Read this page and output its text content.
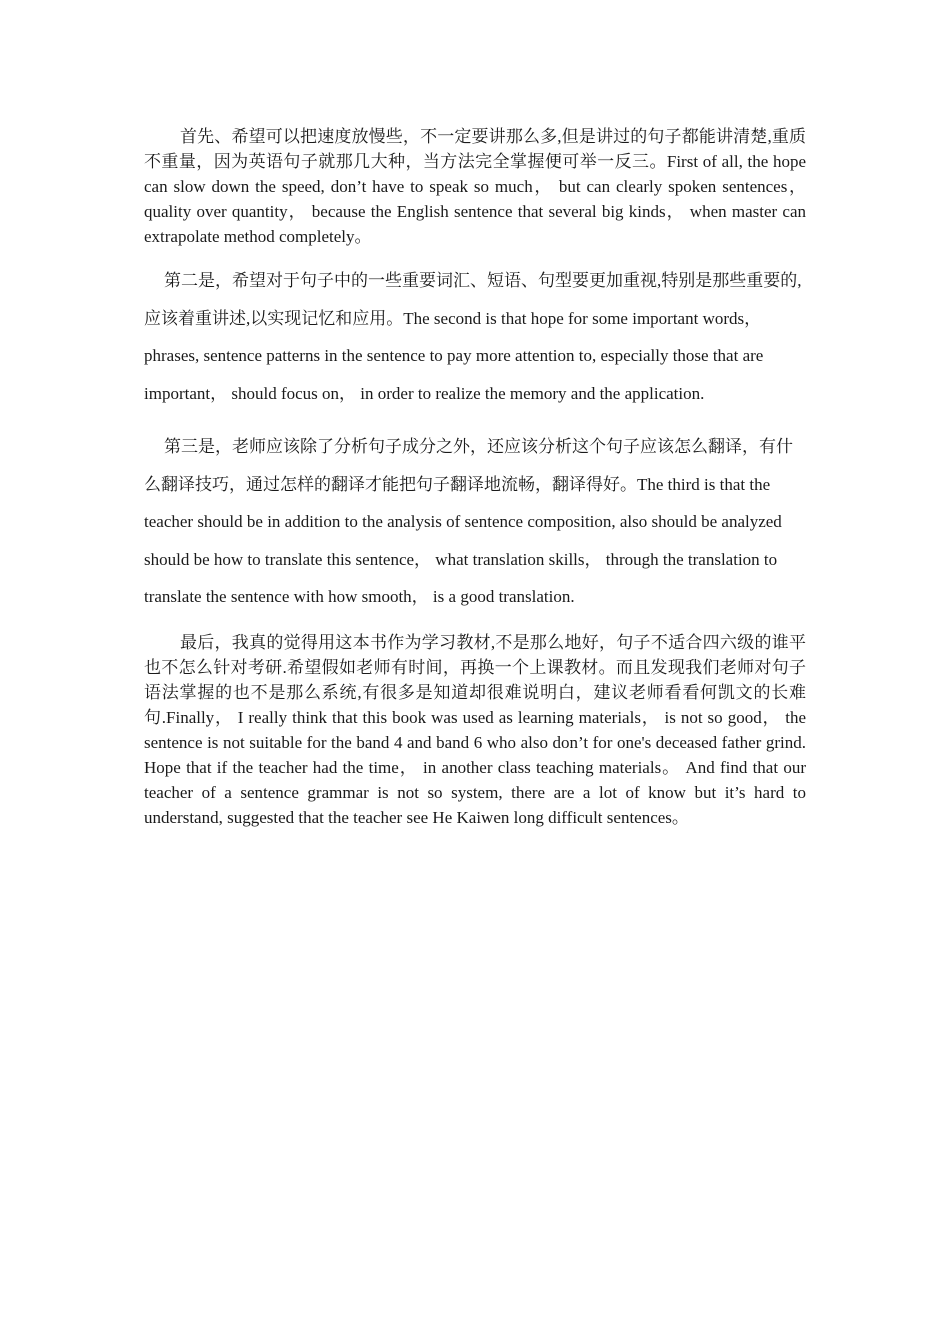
首先、希望可以把速度放慢些，不一定要讲那么多,但是讲过的句子都能讲清楚,重质不重量，因为英语句子就那几大种，当方法完全掌握便可举一反三。First of all, the hope can slow down the speed, don’t have to speak so much， but can clearly spoken sentences， quality over quantity， because the English sentence that several big kinds， when master can extrapolate method completely。

第二是，希望对于句子中的一些重要词汇、短语、句型要更加重视,特别是那些重要的,应该着重讲述,以实现记忆和应用。The second is that hope for some important words， phrases, sentence patterns in the sentence to pay more attention to, especially those that are important， should focus on， in order to realize the memory and the application.

第三是，老师应该除了分析句子成分之外，还应该分析这个句子应该怎么翻译，有什么翻译技巧，通过怎样的翻译才能把句子翻译地流畅，翻译得好。The third is that the teacher should be in addition to the analysis of sentence composition, also should be analyzed should be how to translate this sentence， what translation skills， through the translation to translate the sentence with how smooth， is a good translation.

最后，我真的觉得用这本书作为学习教材,不是那么地好，句子不适合四六级的谁平也不怎么针对考研.希望假如老师有时间，再换一个上课教材。而且发现我们老师对句子语法掌握的也不是那么系统,有很多是知道却很难说明白，建议老师看看何凯文的长难句.Finally， I really think that this book was used as learning materials， is not so good， the sentence is not suitable for the band 4 and band 6 who also don’t for one's deceased father grind. Hope that if the teacher had the time， in another class teaching materials。 And find that our teacher of a sentence grammar is not so system, there are a lot of know but it’s hard to understand, suggested that the teacher see He Kaiwen long difficult sentences。
